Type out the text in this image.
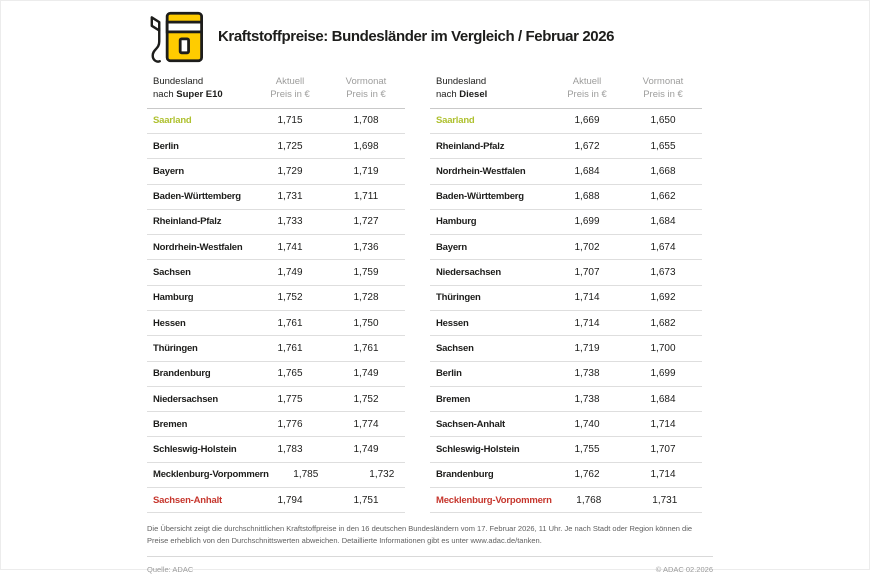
Kraftstoffpreise: Bundesländer im Vergleich / Februar 2026
Bundesland
nach Super E10
Aktuell
Preis in €
Vormonat
Preis in €
Saarland	1,715	1,708
Berlin	1,725	1,698
Bayern	1,729	1,719
Baden-Württemberg	1,731	1,711
Rheinland-Pfalz	1,733	1,727
Nordrhein-Westfalen	1,741	1,736
Sachsen	1,749	1,759
Hamburg	1,752	1,728
Hessen	1,761	1,750
Thüringen	1,761	1,761
Brandenburg	1,765	1,749
Niedersachsen	1,775	1,752
Bremen	1,776	1,774
Schleswig-Holstein	1,783	1,749
Mecklenburg-Vorpommern	1,785	1,732
Sachsen-Anhalt	1,794	1,751
Bundesland
nach Diesel
Aktuell
Preis in €
Vormonat
Preis in €
Saarland	1,669	1,650
Rheinland-Pfalz	1,672	1,655
Nordrhein-Westfalen	1,684	1,668
Baden-Württemberg	1,688	1,662
Hamburg	1,699	1,684
Bayern	1,702	1,674
Niedersachsen	1,707	1,673
Thüringen	1,714	1,692
Hessen	1,714	1,682
Sachsen	1,719	1,700
Berlin	1,738	1,699
Bremen	1,738	1,684
Sachsen-Anhalt	1,740	1,714
Schleswig-Holstein	1,755	1,707
Brandenburg	1,762	1,714
Mecklenburg-Vorpommern	1,768	1,731

Die Übersicht zeigt die durchschnittlichen Kraftstoffpreise in den 16 deutschen Bundesländern vom 17. Februar 2026, 11 Uhr. Je nach Stadt oder Region können die Preise erheblich von den Durchschnittswerten abweichen. Detaillierte Informationen gibt es unter www.adac.de/tanken.

Quelle: ADAC	© ADAC 02.2026
